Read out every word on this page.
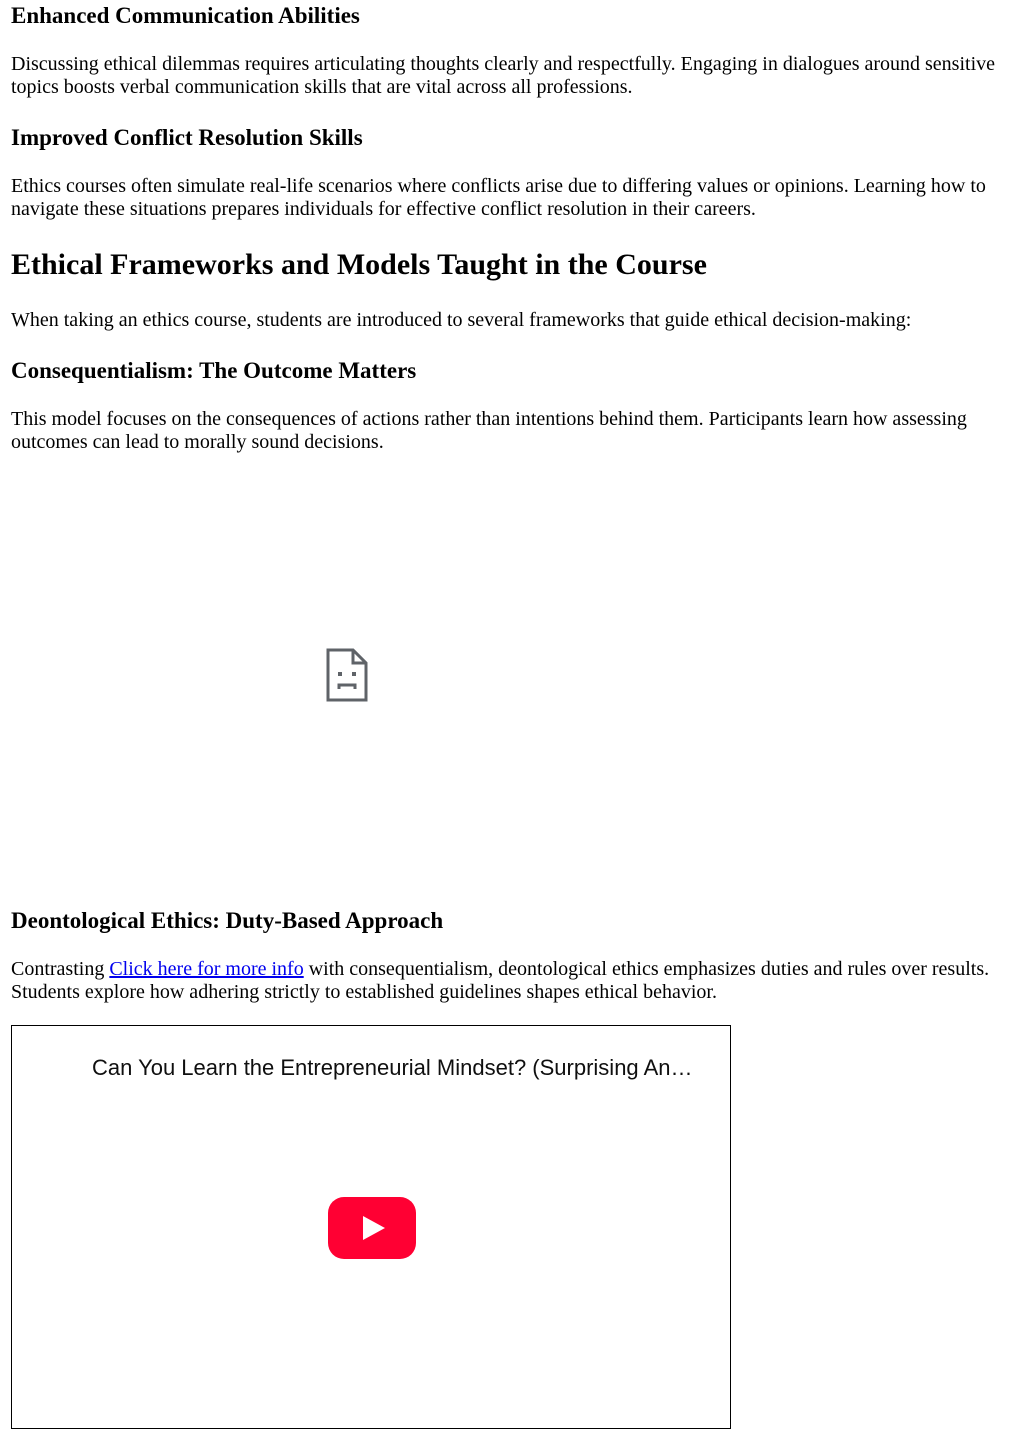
Enhanced Communication Abilities

Discussing ethical dilemmas requires articulating thoughts clearly and respectfully. Engaging in dialogues around sensitive topics boosts verbal communication skills that are vital across all professions.

Improved Conflict Resolution Skills

Ethics courses often simulate real-life scenarios where conflicts arise due to differing values or opinions. Learning how to navigate these situations prepares individuals for effective conflict resolution in their careers.

Ethical Frameworks and Models Taught in the Course

When taking an ethics course, students are introduced to several frameworks that guide ethical decision-making:

Consequentialism: The Outcome Matters

This model focuses on the consequences of actions rather than intentions behind them. Participants learn how assessing outcomes can lead to morally sound decisions.

Deontological Ethics: Duty-Based Approach

Contrasting Click here for more info with consequentialism, deontological ethics emphasizes duties and rules over results. Students explore how adhering strictly to established guidelines shapes ethical behavior.

Can You Learn the Entrepreneurial Mindset? (Surprising An…
